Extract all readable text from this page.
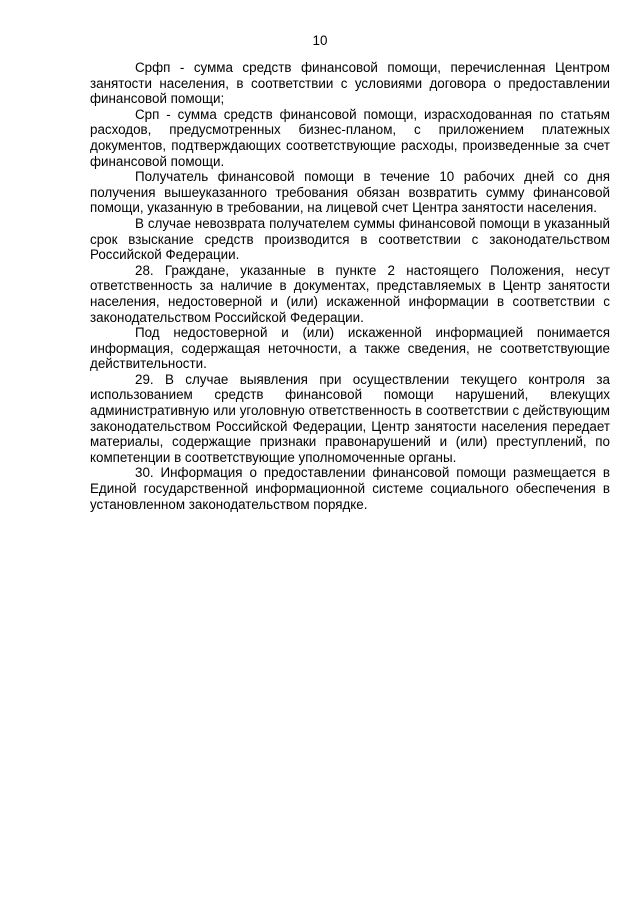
10

Срфп - сумма средств финансовой помощи, перечисленная Центром занятости населения, в соответствии с условиями договора о предоставлении финансовой помощи;

Срп - сумма средств финансовой помощи, израсходованная по статьям расходов, предусмотренных бизнес-планом, с приложением платежных документов, подтверждающих соответствующие расходы, произведенные за счет финансовой помощи.

Получатель финансовой помощи в течение 10 рабочих дней со дня получения вышеуказанного требования обязан возвратить сумму финансовой помощи, указанную в требовании, на лицевой счет Центра занятости населения.

В случае невозврата получателем суммы финансовой помощи в указанный срок взыскание средств производится в соответствии с законодательством Российской Федерации.

28. Граждане, указанные в пункте 2 настоящего Положения, несут ответственность за наличие в документах, представляемых в Центр занятости населения, недостоверной и (или) искаженной информации в соответствии с законодательством Российской Федерации.

Под недостоверной и (или) искаженной информацией понимается информация, содержащая неточности, а также сведения, не соответствующие действительности.

29. В случае выявления при осуществлении текущего контроля за использованием средств финансовой помощи нарушений, влекущих административную или уголовную ответственность в соответствии с действующим законодательством Российской Федерации, Центр занятости населения передает материалы, содержащие признаки правонарушений и (или) преступлений, по компетенции в соответствующие уполномоченные органы.

30. Информация о предоставлении финансовой помощи размещается в Единой государственной информационной системе социального обеспечения в установленном законодательством порядке.
